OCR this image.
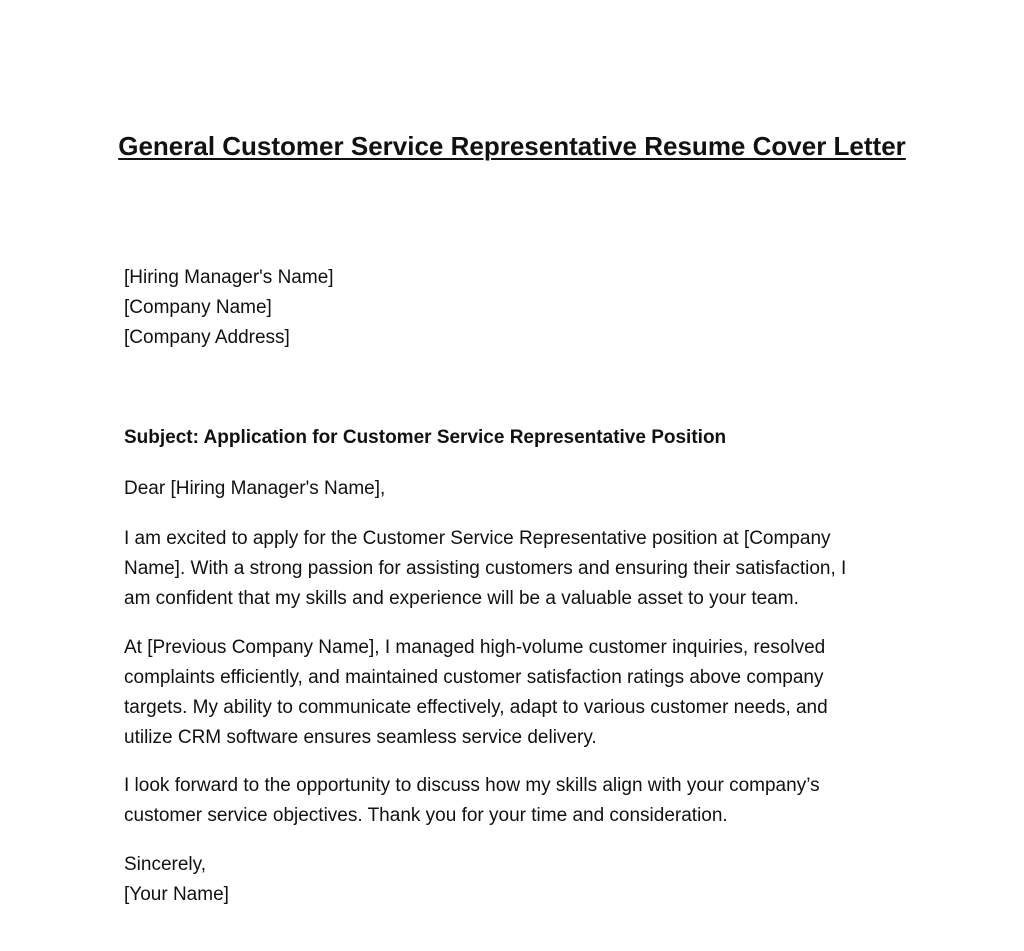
General Customer Service Representative Resume Cover Letter
[Hiring Manager's Name]
[Company Name]
[Company Address]
Subject: Application for Customer Service Representative Position
Dear [Hiring Manager's Name],
I am excited to apply for the Customer Service Representative position at [Company
Name]. With a strong passion for assisting customers and ensuring their satisfaction, I
am confident that my skills and experience will be a valuable asset to your team.
At [Previous Company Name], I managed high-volume customer inquiries, resolved
complaints efficiently, and maintained customer satisfaction ratings above company
targets. My ability to communicate effectively, adapt to various customer needs, and
utilize CRM software ensures seamless service delivery.
I look forward to the opportunity to discuss how my skills align with your company’s
customer service objectives. Thank you for your time and consideration.
Sincerely,
[Your Name]
